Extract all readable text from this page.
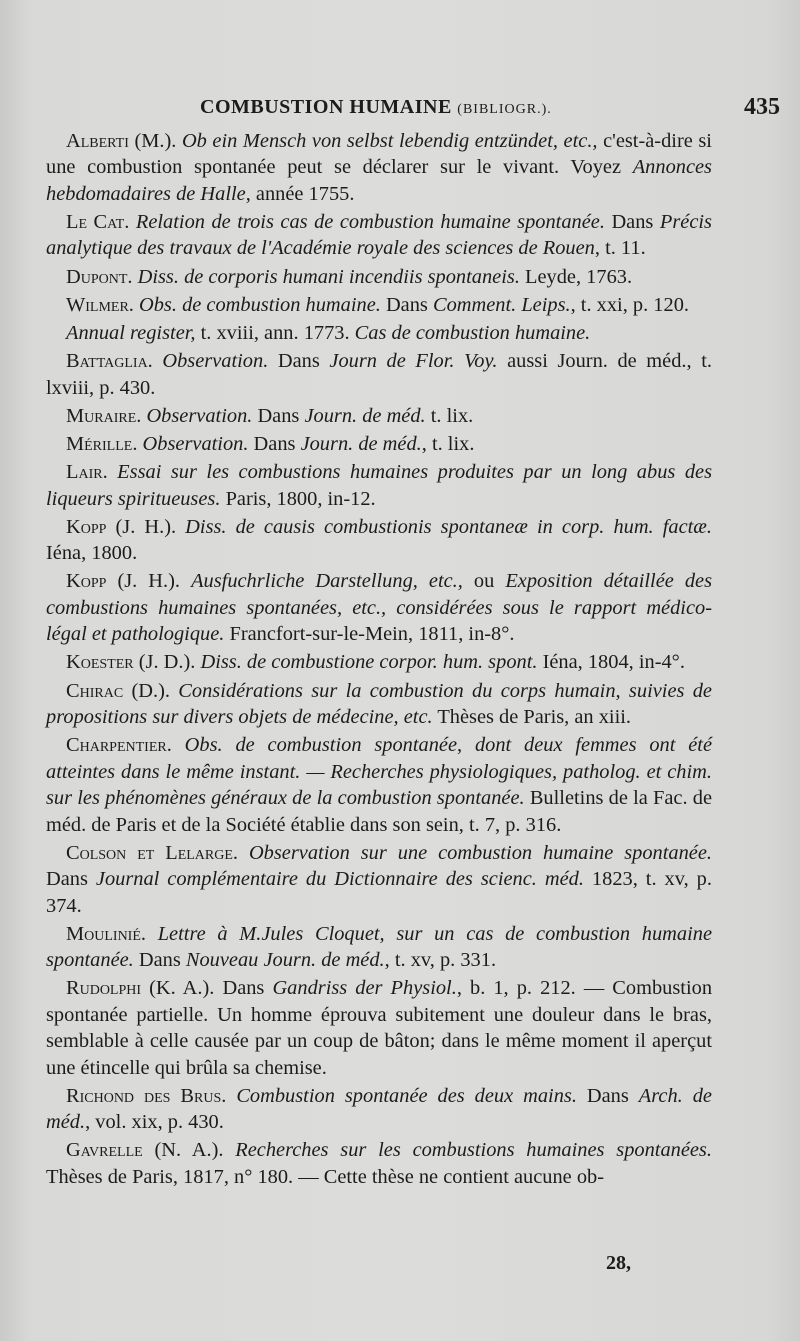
COMBUSTION HUMAINE (BIBLIOGR.).	435

Alberti (M.). Ob ein Mensch von selbst lebendig entzündet, etc., c'est-à-dire si une combustion spontanée peut se déclarer sur le vivant. Voyez Annonces hebdomadaires de Halle, année 1755.

Le Cat. Relation de trois cas de combustion humaine spontanée. Dans Précis analytique des travaux de l'Académie royale des sciences de Rouen, t. 11.

Dupont. Diss. de corporis humani incendiis spontaneis. Leyde, 1763.

Wilmer. Obs. de combustion humaine. Dans Comment. Leips., t. xxi, p. 120.

Annual register, t. xviii, ann. 1773. Cas de combustion humaine.

Battaglia. Observation. Dans Journ de Flor. Voy. aussi Journ. de méd., t. lxviii, p. 430.

Muraire. Observation. Dans Journ. de méd. t. lix.

Mérille. Observation. Dans Journ. de méd., t. lix.

Lair. Essai sur les combustions humaines produites par un long abus des liqueurs spiritueuses. Paris, 1800, in-12.

Kopp (J. H.). Diss. de causis combustionis spontaneæ in corp. hum. factæ. Iéna, 1800.

Kopp (J. H.). Ausfuchrliche Darstellung, etc., ou Exposition détaillée des combustions humaines spontanées, etc., considérées sous le rapport médico-légal et pathologique. Francfort-sur-le-Mein, 1811, in-8°.

Koester (J. D.). Diss. de combustione corpor. hum. spont. Iéna, 1804, in-4°.

Chirac (D.). Considérations sur la combustion du corps humain, suivies de propositions sur divers objets de médecine, etc. Thèses de Paris, an xiii.

Charpentier. Obs. de combustion spontanée, dont deux femmes ont été atteintes dans le même instant. — Recherches physiologiques, patholog. et chim. sur les phénomènes généraux de la combustion spontanée. Bulletins de la Fac. de méd. de Paris et de la Société établie dans son sein, t. 7, p. 316.

Colson et Lelarge. Observation sur une combustion humaine spontanée. Dans Journal complémentaire du Dictionnaire des scienc. méd. 1823, t. xv, p. 374.

Moulinié. Lettre à M.Jules Cloquet, sur un cas de combustion humaine spontanée. Dans Nouveau Journ. de méd., t. xv, p. 331.

Rudolphi (K. A.). Dans Gandriss der Physiol., b. 1, p. 212. — Combustion spontanée partielle. Un homme éprouva subitement une douleur dans le bras, semblable à celle causée par un coup de bâton; dans le même moment il aperçut une étincelle qui brûla sa chemise.

Richond des Brus. Combustion spontanée des deux mains. Dans Arch. de méd., vol. xix, p. 430.

Gavrelle (N. A.). Recherches sur les combustions humaines spontanées. Thèses de Paris, 1817, n° 180. — Cette thèse ne contient aucune ob-

28,
